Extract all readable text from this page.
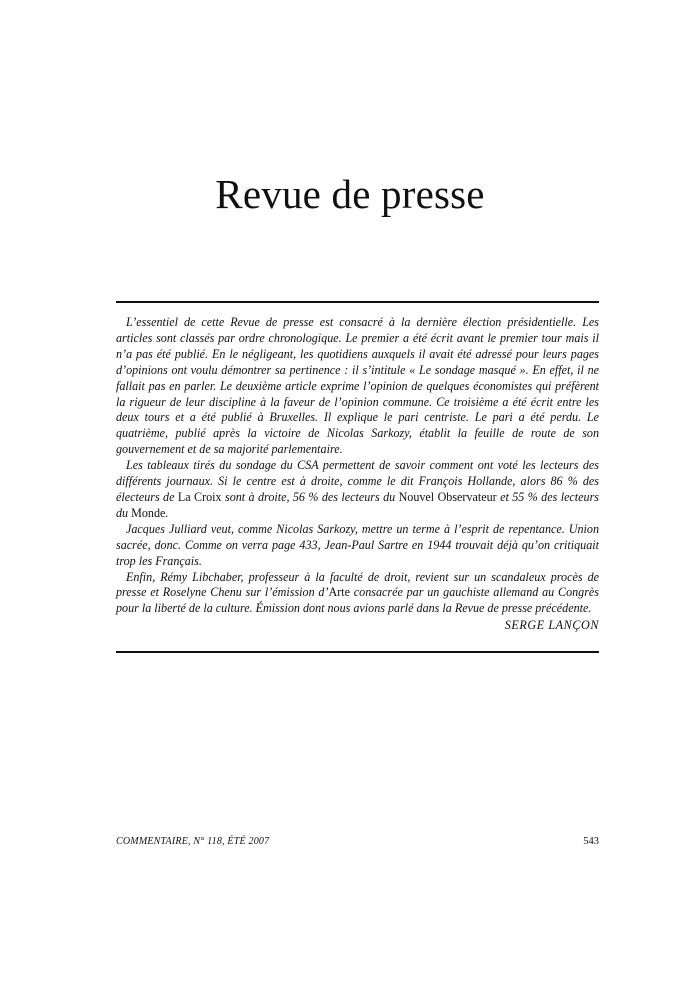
Revue de presse

L’essentiel de cette Revue de presse est consacré à la dernière élection présidentielle. Les articles sont classés par ordre chronologique. Le premier a été écrit avant le premier tour mais il n’a pas été publié. En le négligeant, les quotidiens auxquels il avait été adressé pour leurs pages d’opinions ont voulu démontrer sa pertinence : il s’intitule « Le sondage masqué ». En effet, il ne fallait pas en parler. Le deuxième article exprime l’opinion de quelques économistes qui préfèrent la rigueur de leur discipline à la faveur de l’opinion commune. Ce troisième a été écrit entre les deux tours et a été publié à Bruxelles. Il explique le pari centriste. Le pari a été perdu. Le quatrième, publié après la victoire de Nicolas Sarkozy, établit la feuille de route de son gouvernement et de sa majorité parlementaire.

Les tableaux tirés du sondage du CSA permettent de savoir comment ont voté les lecteurs des différents journaux. Si le centre est à droite, comme le dit François Hollande, alors 86 % des électeurs de La Croix sont à droite, 56 % des lecteurs du Nouvel Observateur et 55 % des lecteurs du Monde.

Jacques Julliard veut, comme Nicolas Sarkozy, mettre un terme à l’esprit de repentance. Union sacrée, donc. Comme on verra page 433, Jean-Paul Sartre en 1944 trouvait déjà qu’on critiquait trop les Français.

Enfin, Rémy Libchaber, professeur à la faculté de droit, revient sur un scandaleux procès de presse et Roselyne Chenu sur l’émission d’Arte consacrée par un gauchiste allemand au Congrès pour la liberté de la culture. Émission dont nous avions parlé dans la Revue de presse précédente.

SERGE LANÇON
COMMENTAIRE, N° 118, ÉTÉ 2007	543
